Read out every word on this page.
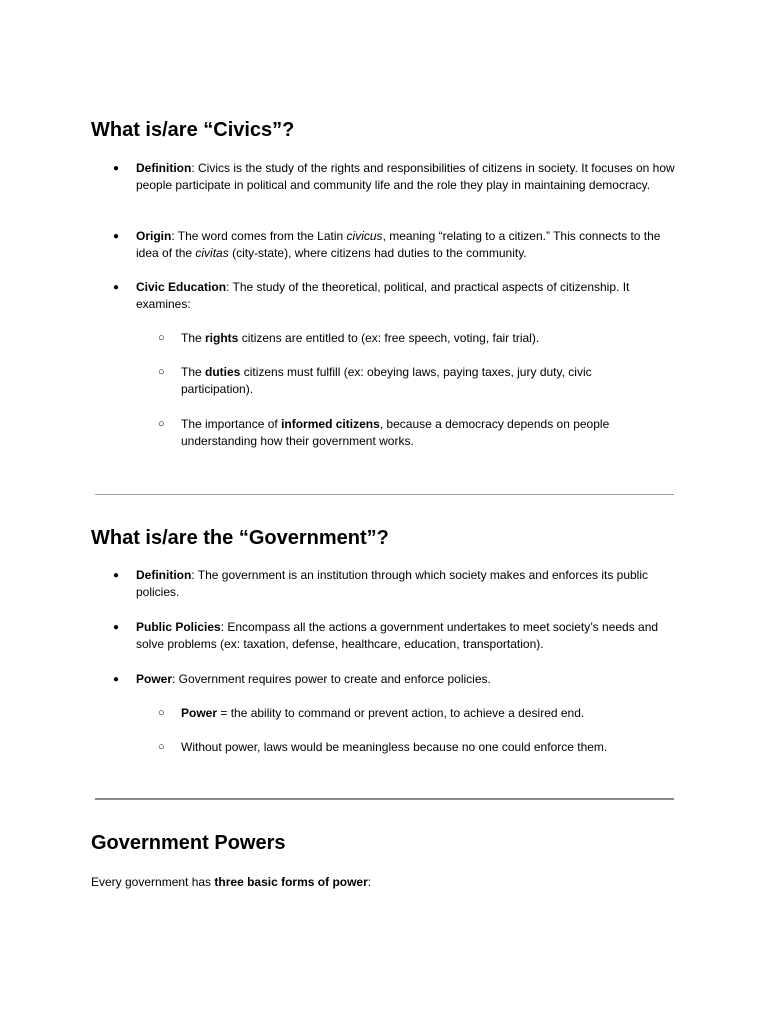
What is/are “Civics”?
● Definition: Civics is the study of the rights and responsibilities of citizens in society. It focuses on how people participate in political and community life and the role they play in maintaining democracy.
● Origin: The word comes from the Latin civicus, meaning “relating to a citizen.” This connects to the idea of the civitas (city-state), where citizens had duties to the community.
● Civic Education: The study of the theoretical, political, and practical aspects of citizenship. It examines:
○ The rights citizens are entitled to (ex: free speech, voting, fair trial).
○ The duties citizens must fulfill (ex: obeying laws, paying taxes, jury duty, civic participation).
○ The importance of informed citizens, because a democracy depends on people understanding how their government works.
What is/are the “Government”?
● Definition: The government is an institution through which society makes and enforces its public policies.
● Public Policies: Encompass all the actions a government undertakes to meet society’s needs and solve problems (ex: taxation, defense, healthcare, education, transportation).
● Power: Government requires power to create and enforce policies.
○ Power = the ability to command or prevent action, to achieve a desired end.
○ Without power, laws would be meaningless because no one could enforce them.
Government Powers
Every government has three basic forms of power:
